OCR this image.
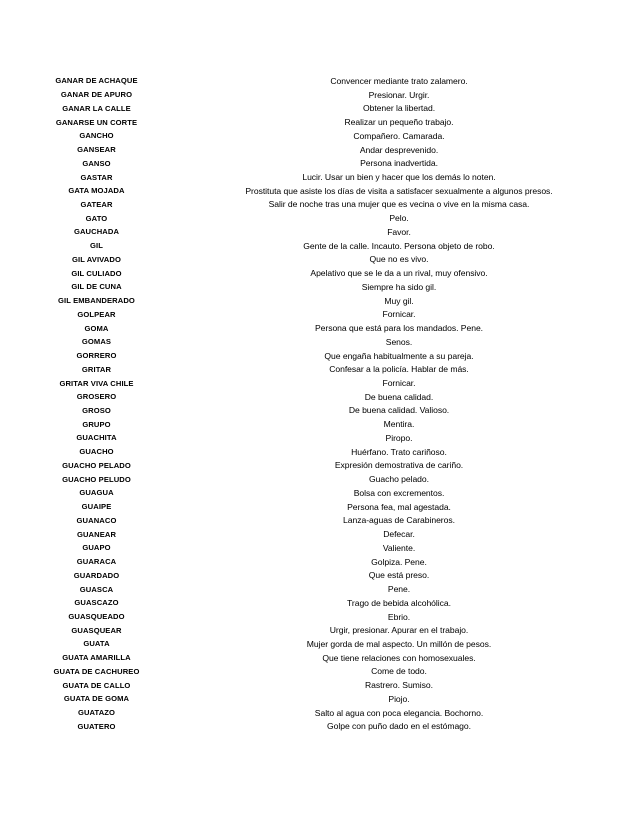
GANAR DE ACHAQUE	Convencer mediante trato zalamero.
GANAR DE APURO	Presionar. Urgir.
GANAR LA CALLE	Obtener la libertad.
GANARSE UN CORTE	Realizar un pequeño trabajo.
GANCHO	Compañero. Camarada.
GANSEAR	Andar desprevenido.
GANSO	Persona inadvertida.
GASTAR	Lucir. Usar un bien y hacer que los demás lo noten.
GATA MOJADA	Prostituta que asiste los días de visita a satisfacer sexualmente a algunos presos.
GATEAR	Salir de noche tras una mujer que es vecina o vive en la misma casa.
GATO	Pelo.
GAUCHADA	Favor.
GIL	Gente de la calle. Incauto. Persona objeto de robo.
GIL AVIVADO	Que no es vivo.
GIL CULIADO	Apelativo que se le da a un rival, muy ofensivo.
GIL DE CUNA	Siempre ha sido gil.
GIL EMBANDERADO	Muy gil.
GOLPEAR	Fornicar.
GOMA	Persona que está para los mandados. Pene.
GOMAS	Senos.
GORRERO	Que engaña habitualmente a su pareja.
GRITAR	Confesar a la policía. Hablar de más.
GRITAR VIVA CHILE	Fornicar.
GROSERO	De buena calidad.
GROSO	De buena calidad. Valioso.
GRUPO	Mentira.
GUACHITA	Piropo.
GUACHO	Huérfano. Trato cariñoso.
GUACHO PELADO	Expresión demostrativa de cariño.
GUACHO PELUDO	Guacho pelado.
GUAGUA	Bolsa con excrementos.
GUAIPE	Persona fea, mal agestada.
GUANACO	Lanza-aguas de Carabineros.
GUANEAR	Defecar.
GUAPO	Valiente.
GUARACA	Golpiza. Pene.
GUARDADO	Que está preso.
GUASCA	Pene.
GUASCAZO	Trago de bebida alcohólica.
GUASQUEADO	Ebrio.
GUASQUEAR	Urgir, presionar. Apurar en el trabajo.
GUATA	Mujer gorda de mal aspecto. Un millón de pesos.
GUATA AMARILLA	Que tiene relaciones con homosexuales.
GUATA DE CACHUREO	Come de todo.
GUATA DE CALLO	Rastrero. Sumiso.
GUATA DE GOMA	Piojo.
GUATAZO	Salto al agua con poca elegancia. Bochorno.
GUATERO	Golpe con puño dado en el estómago.
